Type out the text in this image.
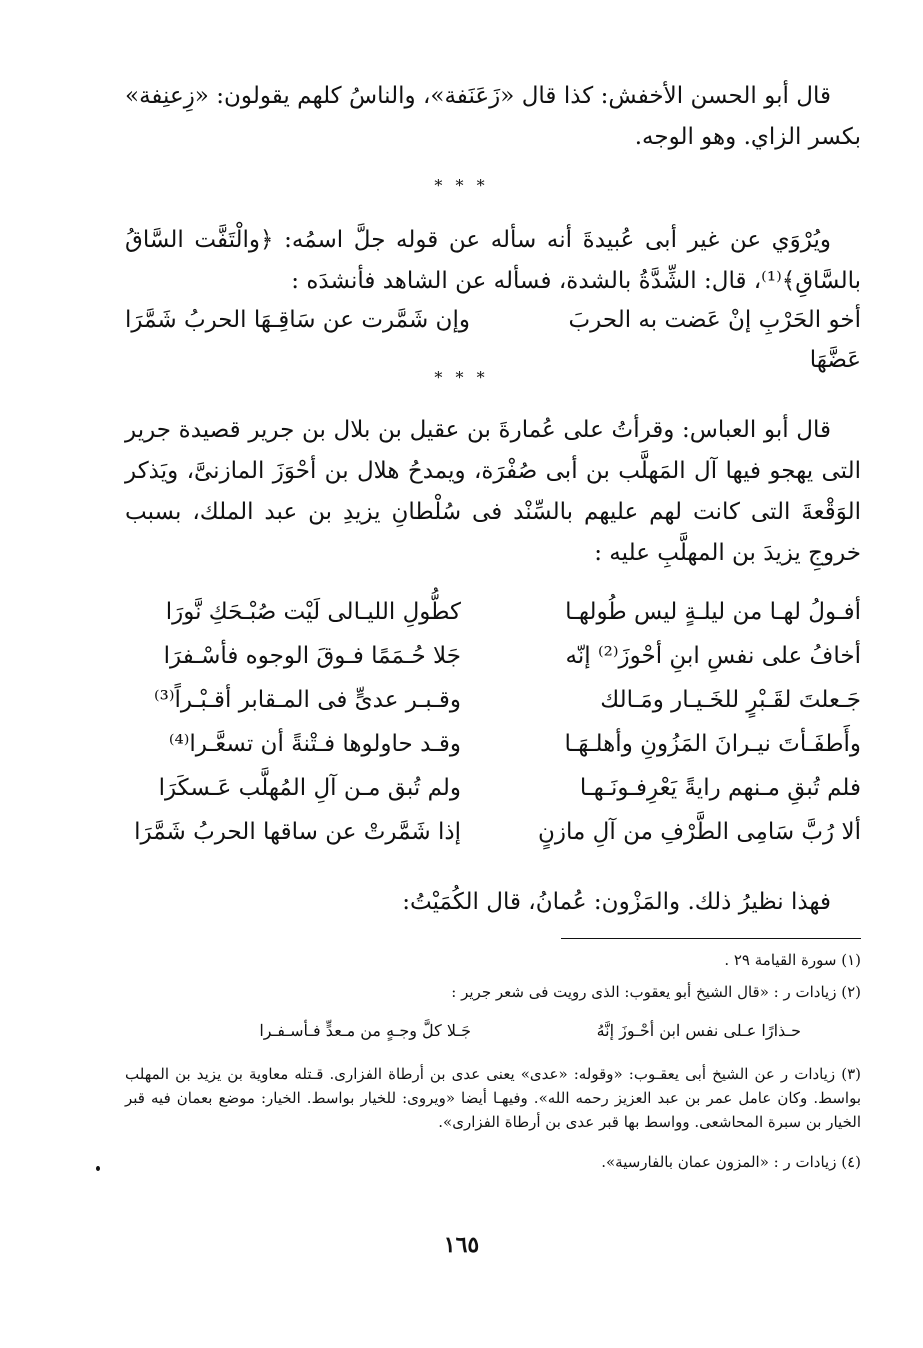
قال أبو الحسن الأخفش: كذا قال «زَعَنَفة»، والناسُ كلهم يقولون: «زِعنِفة» بكسر الزاي. وهو الوجه.
* * *
ويُرْوَي عن غير أبى عُبيدةَ أنه سأله عن قوله جلَّ اسمُه: ﴿والْتَفَّت السَّاقُ بالسَّاقِ﴾⁽¹⁾، قال: الشِّدَّةُ بالشدة، فسأله عن الشاهد فأنشدَه :
أخو الحَرْبِ إنْ عَضت به الحربَ عَضَّهَا
وإن شَمَّرت عن سَاقِـهَا الحربُ شَمَّرَا
* * *
قال أبو العباس: وقرأتُ على عُمارةَ بن عقيل بن بلال بن جرير قصيدة جرير التى يهجو فيها آل المَهلَّب بن أبى صُفْرَة، ويمدحُ هلال بن أحْوَزَ المازنىَّ، ويَذكر الوَقْعةَ التى كانت لهم عليهم بالسِّنْد فى سُلْطانِ يزيدِ بن عبد الملك، بسبب خروجِ يزيدَ بن المهلَّبِ عليه :
أفـولُ لهـا من ليلـةٍ ليس طُولهـا
كطُّولِ الليـالى لَيْت صُبْـحَكِ نَّورَا
أخافُ على نفسِ ابنِ أحْوزَ⁽²⁾ إنّه
جَلا حُـمَمًا فـوقَ الوجوه فأسْـفرَا
جَـعلتَ لقَـبْرٍ للخَـيـار ومَـالك
وقـبـر عدىٍّ فى المـقابر أقـبْـراً⁽³⁾
وأَطفَـأتَ نيـرانَ المَزُونِ وأهلـهَـا
وقـد حاولوها فـتْنةً أن تسعَّـرا⁽⁴⁾
فلم تُبقِ مـنهم رايةً يَعْرِفـونَـهـا
ولم تُبق مـن آلِ المُهلَّب عَـسكَرَا
ألا رُبَّ سَامِى الطَّرْفِ من آلِ مازنٍ
إذا شَمَّرتْ عن ساقها الحربُ شَمَّرَا
فهذا نظيرُ ذلك. والمَزْون: عُمانُ، قال الكُمَيْتُ:
(١) سورة القيامة ٢٩ .
(٢) زيادات ر : «قال الشيخ أبو يعقوب: الذى رويت فى شعر جرير :
حـذارًا عـلى نفس ابن أحْـوزَ إنَّهُ
جَـلا كلَّ وجـهٍ من مـعدٍّ فـأسـفـرا
(٣) زيادات ر عن الشيخ أبى يعقـوب: «وقوله: «عدى» يعنى عدى بن أرطاة الفزارى. قـتله معاوية بن يزيد بن المهلب بواسط. وكان عامل عمر بن عبد العزيز رحمه الله». وفيهـا أيضا «ويروى: للخيار بواسط. الخيار: موضع بعمان فيه قبر الخيار بن سبرة المحاشعى. وواسط بها قبر عدى بن أرطاة الفزارى».
(٤) زيادات ر : «المزون عمان بالفارسية».
١٦٥
